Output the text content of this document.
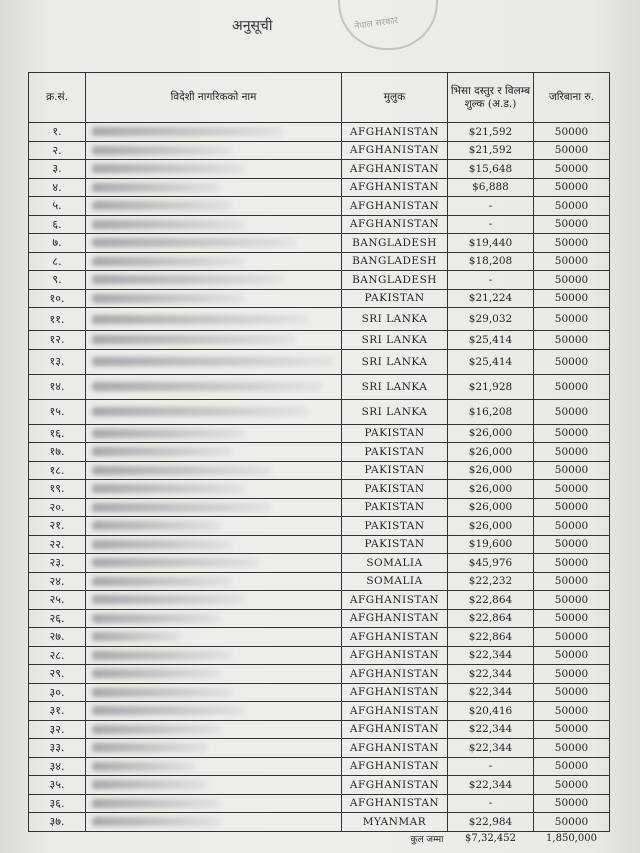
अनुसूची	नेपाल सरकार
क्र.सं.	विदेशी नागरिकको नाम	मुलुक	भिसा दस्तुर र विलम्ब शुल्क (अ.ड.)	जरिबाना रु.
१.		AFGHANISTAN	$21,592	50000
२.		AFGHANISTAN	$21,592	50000
३.		AFGHANISTAN	$15,648	50000
४.		AFGHANISTAN	$6,888	50000
५.		AFGHANISTAN	-	50000
६.		AFGHANISTAN	-	50000
७.		BANGLADESH	$19,440	50000
८.		BANGLADESH	$18,208	50000
९.		BANGLADESH	-	50000
१०.		PAKISTAN	$21,224	50000
११.		SRI LANKA	$29,032	50000
१२.		SRI LANKA	$25,414	50000
१३.		SRI LANKA	$25,414	50000
१४.		SRI LANKA	$21,928	50000
१५.		SRI LANKA	$16,208	50000
१६.		PAKISTAN	$26,000	50000
१७.		PAKISTAN	$26,000	50000
१८.		PAKISTAN	$26,000	50000
१९.		PAKISTAN	$26,000	50000
२०.		PAKISTAN	$26,000	50000
२१.		PAKISTAN	$26,000	50000
२२.		PAKISTAN	$19,600	50000
२३.		SOMALIA	$45,976	50000
२४.		SOMALIA	$22,232	50000
२५.		AFGHANISTAN	$22,864	50000
२६.		AFGHANISTAN	$22,864	50000
२७.		AFGHANISTAN	$22,864	50000
२८.		AFGHANISTAN	$22,344	50000
२९.		AFGHANISTAN	$22,344	50000
३०.		AFGHANISTAN	$22,344	50000
३१.		AFGHANISTAN	$20,416	50000
३२.		AFGHANISTAN	$22,344	50000
३३.		AFGHANISTAN	$22,344	50000
३४.		AFGHANISTAN	-	50000
३५.		AFGHANISTAN	$22,344	50000
३६.		AFGHANISTAN	-	50000
३७.		MYANMAR	$22,984	50000
		कुल जम्मा	$7,32,452	1,850,000
